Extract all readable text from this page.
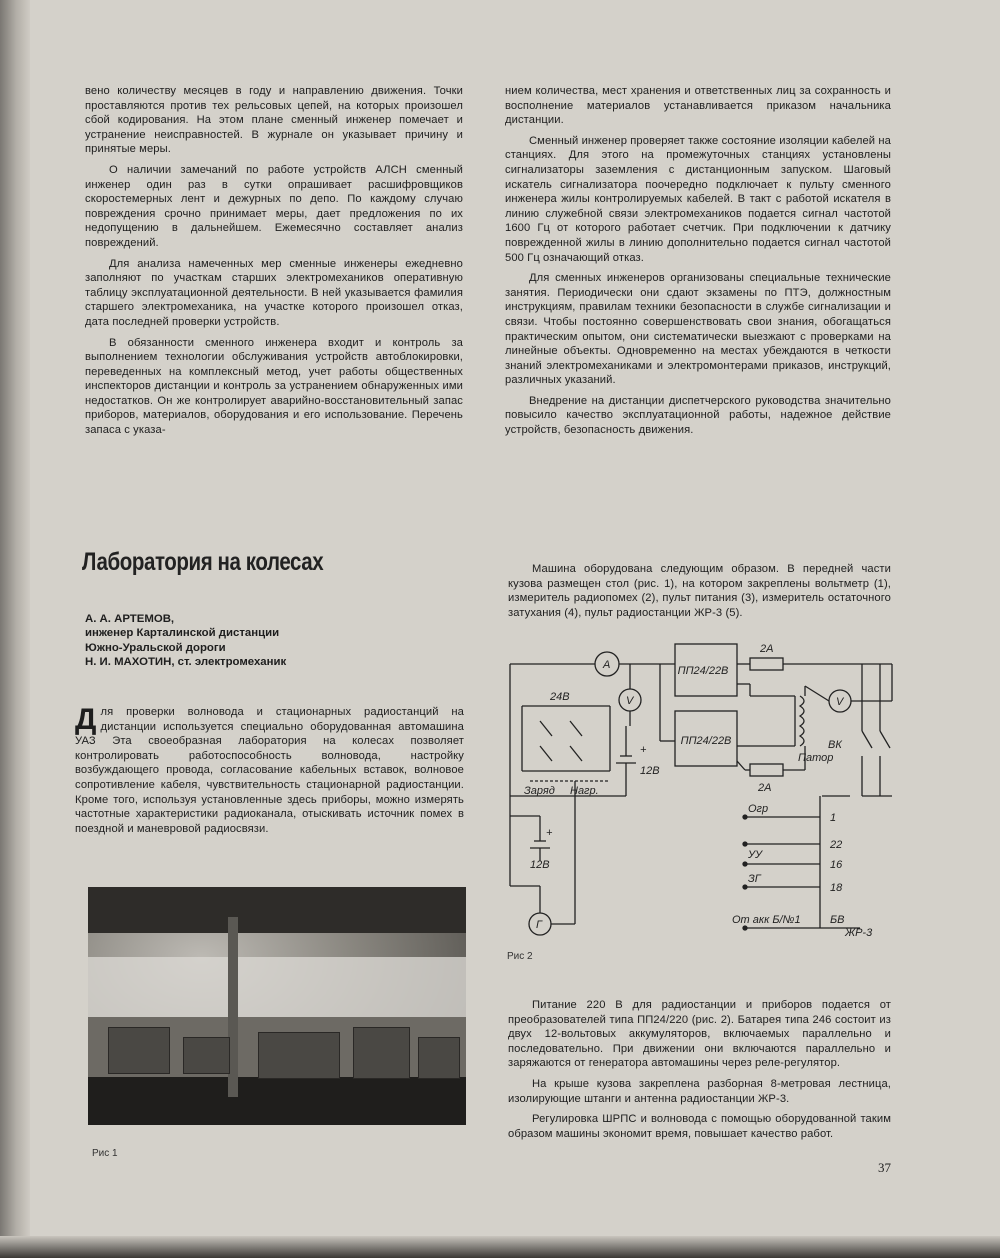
вено количеству месяцев в году и направлению движения. Точки проставляются против тех рельсовых цепей, на которых произошел сбой кодирования. На этом плане сменный инженер помечает и устранение неисправностей. В журнале он указывает причину и принятые меры.

О наличии замечаний по работе устройств АЛСН сменный инженер один раз в сутки опрашивает расшифровщиков скоростемерных лент и дежурных по депо. По каждому случаю повреждения срочно принимает меры, дает предложения по их недопущению в дальнейшем. Ежемесячно составляет анализ повреждений.

Для анализа намеченных мер сменные инженеры ежедневно заполняют по участкам старших электромехаников оперативную таблицу эксплуатационной деятельности. В ней указывается фамилия старшего электромеханика, на участке которого произошел отказ, дата последней проверки устройств.

В обязанности сменного инженера входит и контроль за выполнением технологии обслуживания устройств автоблокировки, переведенных на комплексный метод, учет работы общественных инспекторов дистанции и контроль за устранением обнаруженных ими недостатков. Он же контролирует аварийно-восстановительный запас приборов, материалов, оборудования и его использование. Перечень запаса с указа-

нием количества, мест хранения и ответственных лиц за сохранность и восполнение материалов устанавливается приказом начальника дистанции.

Сменный инженер проверяет также состояние изоляции кабелей на станциях. Для этого на промежуточных станциях установлены сигнализаторы заземления с дистанционным запуском. Шаговый искатель сигнализатора поочередно подключает к пульту сменного инженера жилы контролируемых кабелей. В такт с работой искателя в линию служебной связи электромехаников подается сигнал частотой 1600 Гц от которого работает счетчик. При подключении к датчику поврежденной жилы в линию дополнительно подается сигнал частотой 500 Гц означающий отказ.

Для сменных инженеров организованы специальные технические занятия. Периодически они сдают экзамены по ПТЭ, должностным инструкциям, правилам техники безопасности в службе сигнализации и связи. Чтобы постоянно совершенствовать свои знания, обогащаться практическим опытом, они систематически выезжают с проверками на линейные объекты. Одновременно на местах убеждаются в четкости знаний электромеханиками и электромонтерами приказов, инструкций, различных указаний.

Внедрение на дистанции диспетчерского руководства значительно повысило качество эксплуатационной работы, надежное действие устройств, безопасность движения.

Лаборатория на колесах
А. А. АРТЕМОВ,
инженер Карталинской дистанции
Южно-Уральской дороги
Н. И. МАХОТИН, ст. электромеханик

Для проверки волновода и стационарных радиостанций на дистанции используется специально оборудованная автомашина УАЗ Эта своеобразная лаборатория на колесах позволяет контролировать работоспособность волновода, настройку возбуждающего провода, согласование кабельных вставок, волновое сопротивление кабеля, чувствительность стационарной радиостанции. Кроме того, используя установленные здесь приборы, можно измерять частотные характеристики радиоканала, отыскивать источник помех в поездной и маневровой радиосвязи.

Рис 1

Машина оборудована следующим образом. В передней части кузова размещен стол (рис. 1), на котором закреплены вольтметр (1), измеритель радиопомех (2), пульт питания (3), измеритель остаточного затухания (4), пульт радиостанции ЖР-3 (5).

ПП24/22В
ПП24/22В
2А
2А
A
V	V
24В
12В
12В
+
+
ВК
Патор
Заряд Нагр.
Г
Огр
УУ
ЗГ
От акк Б/№1	БВ
ЖР-3
1
22
16
18
Рис 2

Питание 220 В для радиостанции и приборов подается от преобразователей типа ПП24/220 (рис. 2). Батарея типа 246 состоит из двух 12-вольтовых аккумуляторов, включаемых параллельно и последовательно. При движении они включаются параллельно и заряжаются от генератора автомашины через реле-регулятор.

На крыше кузова закреплена разборная 8-метровая лестница, изолирующие штанги и антенна радиостанции ЖР-3.

Регулировка ШРПС и волновода с помощью оборудованной таким образом машины экономит время, повышает качество работ.

37
